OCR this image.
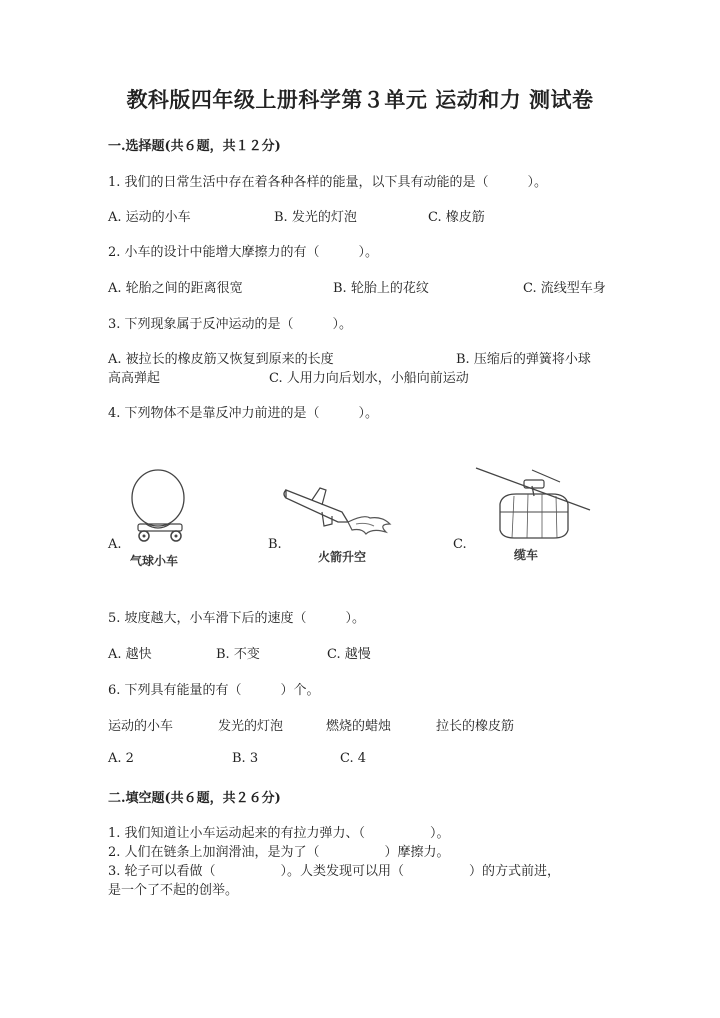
教科版四年级上册科学第３单元 运动和力 测试卷
一.选择题(共６题，共１２分)
1. 我们的日常生活中存在着各种各样的能量，以下具有动能的是（　　　）。
A. 运动的小车	B. 发光的灯泡	C. 橡皮筋
2. 小车的设计中能增大摩擦力的有（　　　）。
A. 轮胎之间的距离很宽	B. 轮胎上的花纹	C. 流线型车身
3. 下列现象属于反冲运动的是（　　　）。
A. 被拉长的橡皮筋又恢复到原来的长度	B. 压缩后的弹簧将小球
高高弹起	C. 人用力向后划水，小船向前运动
4. 下列物体不是靠反冲力前进的是（　　　）。
A.
气球小车
B.
火箭升空
C.
缆车
5. 坡度越大，小车滑下后的速度（　　　）。
A. 越快	B. 不变	C. 越慢
6. 下列具有能量的有（　　　）个。
运动的小车	发光的灯泡	燃烧的蜡烛	拉长的橡皮筋
A. 2	B. 3	C. 4
二.填空题(共６题，共２６分)
1. 我们知道让小车运动起来的有拉力弹力、（　　　　　）。
2. 人们在链条上加润滑油，是为了（　　　　　）摩擦力。
3. 轮子可以看做（　　　　　）。人类发现可以用（　　　　　）的方式前进，
是一个了不起的创举。
